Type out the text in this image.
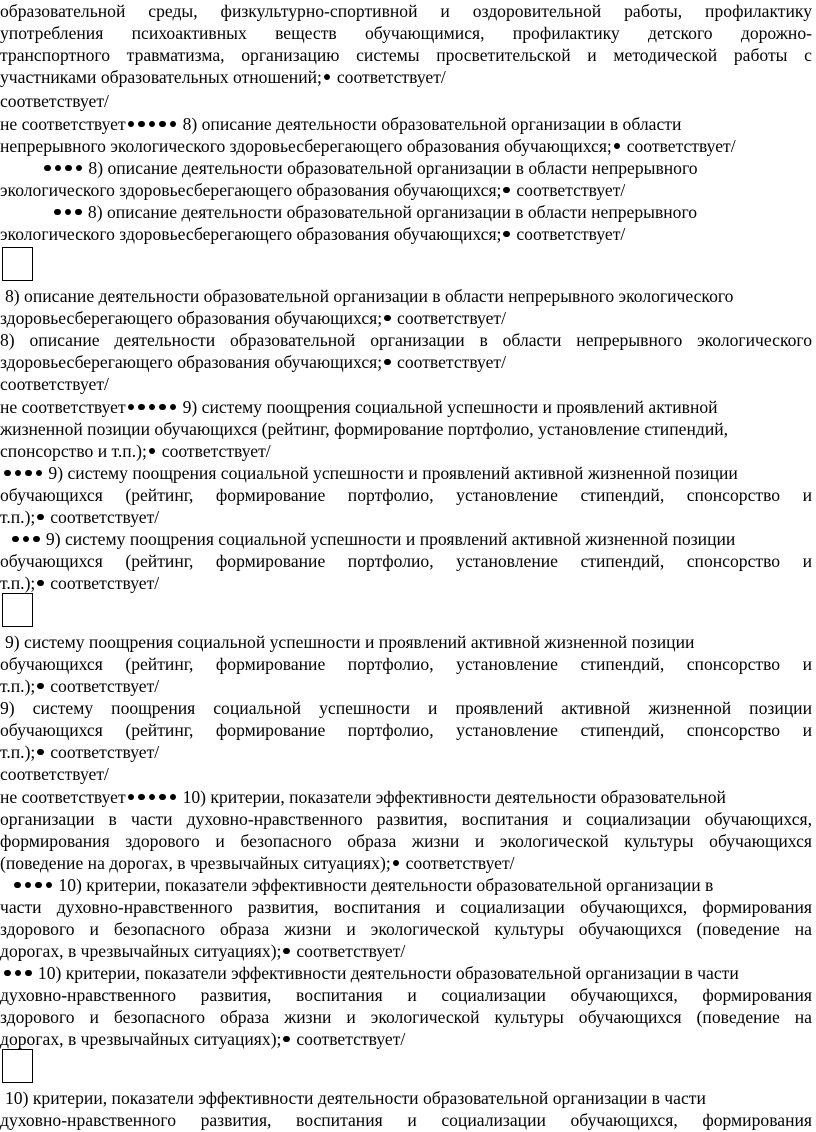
образовательной среды, физкультурно-спортивной и оздоровительной работы, профилактику
употребления психоактивных веществ обучающимися, профилактику детского дорожно-
транспортного травматизма, организацию системы просветительской и методической работы с
участниками образовательных отношений; соответствует/
соответствует/
не соответствует	8) описание деятельности образовательной организации в области
непрерывного экологического здоровьесберегающего образования обучающихся; соответствует/
8) описание деятельности образовательной организации в области непрерывного
экологического здоровьесберегающего образования обучающихся; соответствует/
8) описание деятельности образовательной организации в области непрерывного
экологического здоровьесберегающего образования обучающихся; соответствует/
8) описание деятельности образовательной организации в области непрерывного экологического
здоровьесберегающего образования обучающихся; соответствует/
8) описание деятельности образовательной организации в области непрерывного экологического
здоровьесберегающего образования обучающихся; соответствует/
соответствует/
не соответствует	9) систему поощрения социальной успешности и проявлений активной
жизненной позиции обучающихся (рейтинг, формирование портфолио, установление стипендий,
спонсорство и т.п.); соответствует/
9) систему поощрения социальной успешности и проявлений активной жизненной позиции
обучающихся (рейтинг, формирование портфолио, установление стипендий, спонсорство и
т.п.); соответствует/
9) систему поощрения социальной успешности и проявлений активной жизненной позиции
обучающихся (рейтинг, формирование портфолио, установление стипендий, спонсорство и
т.п.); соответствует/
9) систему поощрения социальной успешности и проявлений активной жизненной позиции
обучающихся (рейтинг, формирование портфолио, установление стипендий, спонсорство и
т.п.); соответствует/
9) систему поощрения социальной успешности и проявлений активной жизненной позиции
обучающихся (рейтинг, формирование портфолио, установление стипендий, спонсорство и
т.п.); соответствует/
соответствует/
не соответствует	10) критерии, показатели эффективности деятельности образовательной
организации в части духовно-нравственного развития, воспитания и социализации обучающихся,
формирования здорового и безопасного образа жизни и экологической культуры обучающихся
(поведение на дорогах, в чрезвычайных ситуациях); соответствует/
10) критерии, показатели эффективности деятельности образовательной организации в
части духовно-нравственного развития, воспитания и социализации обучающихся, формирования
здорового и безопасного образа жизни и экологической культуры обучающихся (поведение на
дорогах, в чрезвычайных ситуациях); соответствует/
10) критерии, показатели эффективности деятельности образовательной организации в части
духовно-нравственного развития, воспитания и социализации обучающихся, формирования
здорового и безопасного образа жизни и экологической культуры обучающихся (поведение на
дорогах, в чрезвычайных ситуациях); соответствует/
10) критерии, показатели эффективности деятельности образовательной организации в части
духовно-нравственного развития, воспитания и социализации обучающихся, формирования
